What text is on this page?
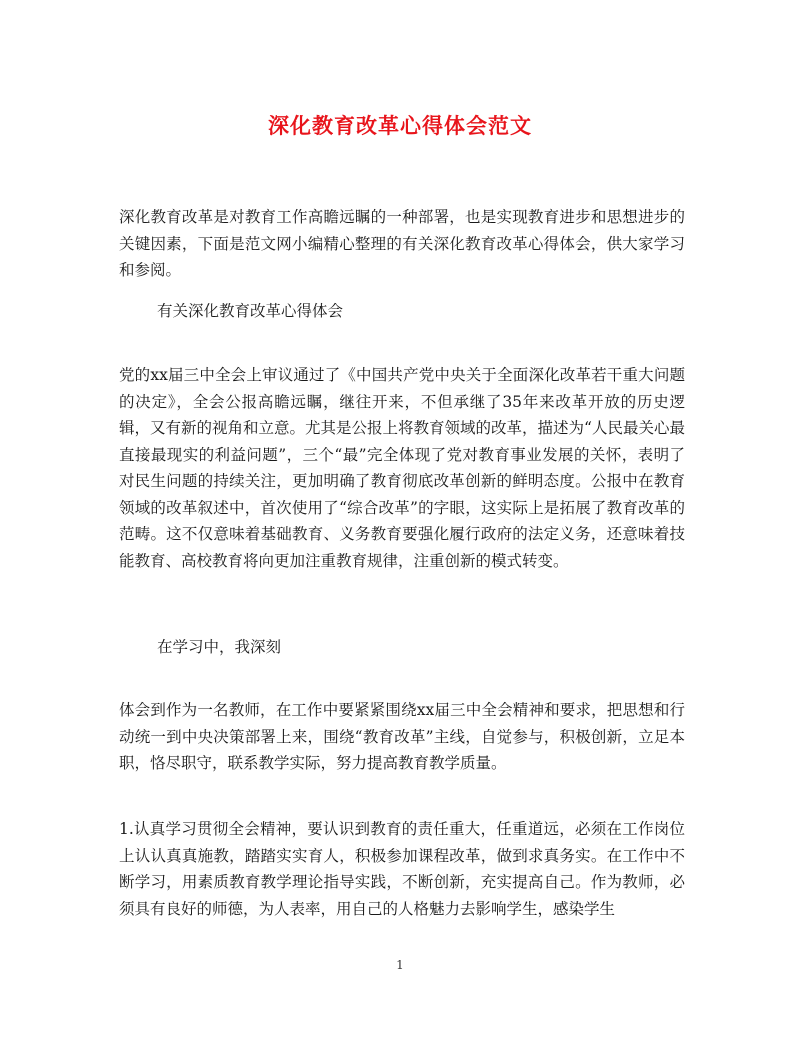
深化教育改革心得体会范文

深化教育改革是对教育工作高瞻远瞩的一种部署，也是实现教育进步和思想进步的关键因素，下面是范文网小编精心整理的有关深化教育改革心得体会，供大家学习和参阅。

有关深化教育改革心得体会

党的xx届三中全会上审议通过了《中国共产党中央关于全面深化改革若干重大问题的决定》，全会公报高瞻远瞩，继往开来，不但承继了35年来改革开放的历史逻辑，又有新的视角和立意。尤其是公报上将教育领域的改革，描述为“人民最关心最直接最现实的利益问题”，三个“最”完全体现了党对教育事业发展的关怀，表明了对民生问题的持续关注，更加明确了教育彻底改革创新的鲜明态度。公报中在教育领域的改革叙述中，首次使用了“综合改革”的字眼，这实际上是拓展了教育改革的范畴。这不仅意味着基础教育、义务教育要强化履行政府的法定义务，还意味着技能教育、高校教育将向更加注重教育规律，注重创新的模式转变。

在学习中，我深刻

体会到作为一名教师，在工作中要紧紧围绕xx届三中全会精神和要求，把思想和行动统一到中央决策部署上来，围绕“教育改革”主线，自觉参与，积极创新，立足本职，恪尽职守，联系教学实际，努力提高教育教学质量。

1.认真学习贯彻全会精神，要认识到教育的责任重大，任重道远，必须在工作岗位上认认真真施教，踏踏实实育人，积极参加课程改革，做到求真务实。在工作中不断学习，用素质教育教学理论指导实践，不断创新，充实提高自己。作为教师，必须具有良好的师德，为人表率，用自己的人格魅力去影响学生，感染学生

1
